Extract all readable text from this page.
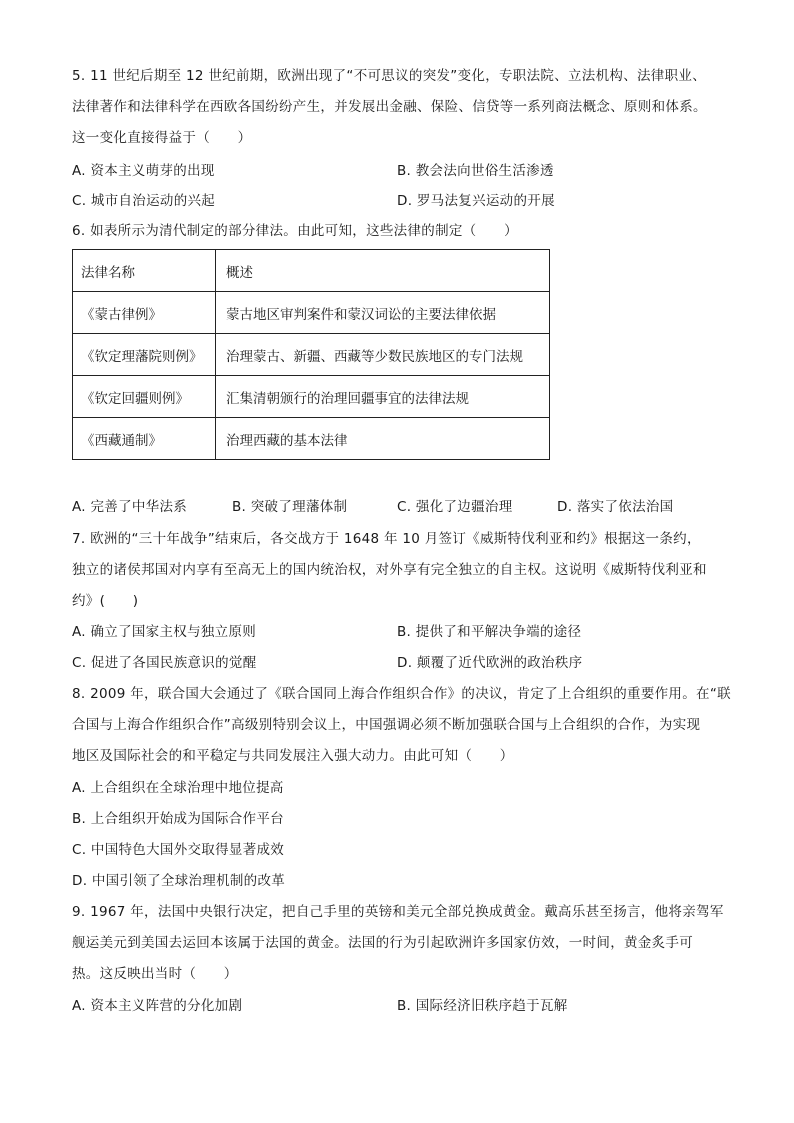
5. 11 世纪后期至 12 世纪前期，欧洲出现了“不可思议的突发”变化，专职法院、立法机构、法律职业、
法律著作和法律科学在西欧各国纷纷产生，并发展出金融、保险、信贷等一系列商法概念、原则和体系。
这一变化直接得益于（　　）
A. 资本主义萌芽的出现	B. 教会法向世俗生活渗透
C. 城市自治运动的兴起	D. 罗马法复兴运动的开展
6. 如表所示为清代制定的部分律法。由此可知，这些法律的制定（　　）
法律名称	概述
《蒙古律例》	蒙古地区审判案件和蒙汉词讼的主要法律依据
《钦定理藩院则例》	治理蒙古、新疆、西藏等少数民族地区的专门法规
《钦定回疆则例》	汇集清朝颁行的治理回疆事宜的法律法规
《西藏通制》	治理西藏的基本法律
A. 完善了中华法系	B. 突破了理藩体制	C. 强化了边疆治理	D. 落实了依法治国
7. 欧洲的“三十年战争”结束后，各交战方于 1648 年 10 月签订《威斯特伐利亚和约》根据这一条约，
独立的诸侯邦国对内享有至高无上的国内统治权，对外享有完全独立的自主权。这说明《威斯特伐利亚和
约》(　　)
A. 确立了国家主权与独立原则	B. 提供了和平解决争端的途径
C. 促进了各国民族意识的觉醒	D. 颠覆了近代欧洲的政治秩序
8. 2009 年，联合国大会通过了《联合国同上海合作组织合作》的决议，肯定了上合组织的重要作用。在“联
合国与上海合作组织合作”高级别特别会议上，中国强调必须不断加强联合国与上合组织的合作，为实现
地区及国际社会的和平稳定与共同发展注入强大动力。由此可知（　　）
A. 上合组织在全球治理中地位提高
B. 上合组织开始成为国际合作平台
C. 中国特色大国外交取得显著成效
D. 中国引领了全球治理机制的改革
9. 1967 年，法国中央银行决定，把自己手里的英镑和美元全部兑换成黄金。戴高乐甚至扬言，他将亲驾军
舰运美元到美国去运回本该属于法国的黄金。法国的行为引起欧洲许多国家仿效，一时间，黄金炙手可
热。这反映出当时（　　）
A. 资本主义阵营的分化加剧	B. 国际经济旧秩序趋于瓦解
